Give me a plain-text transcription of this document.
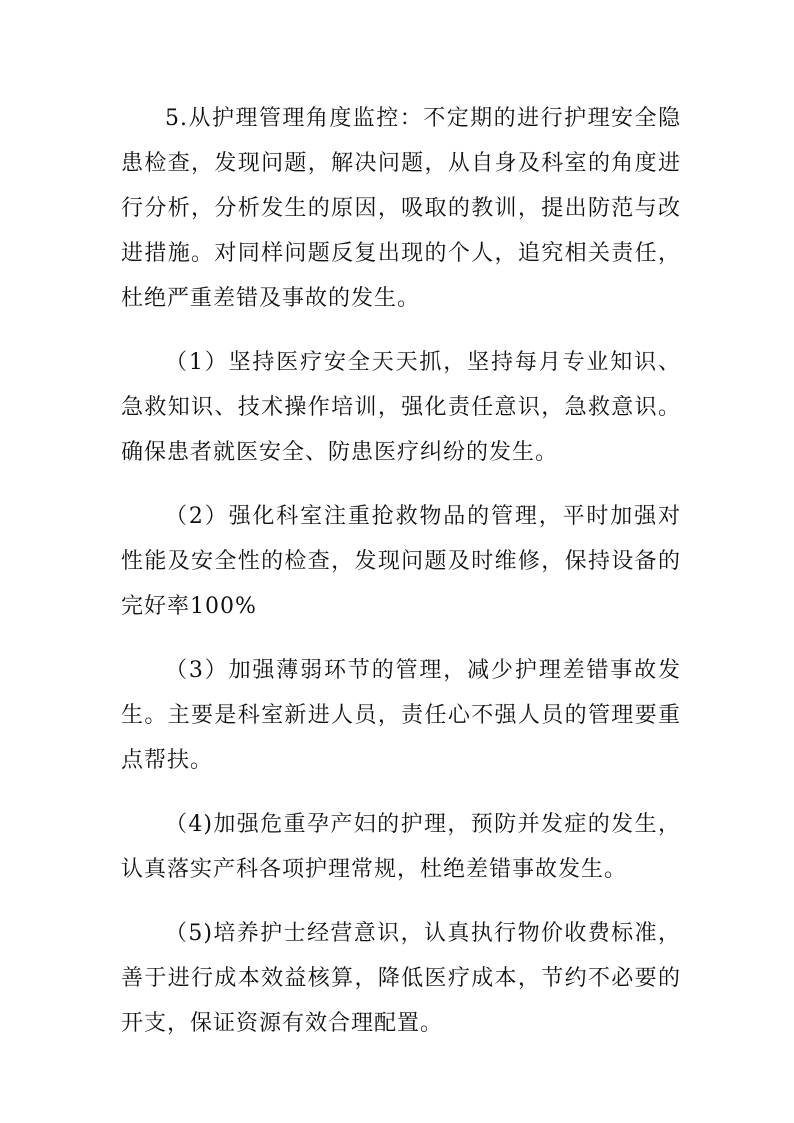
5.从护理管理角度监控：不定期的进行护理安全隐患检查，发现问题，解决问题，从自身及科室的角度进行分析，分析发生的原因，吸取的教训，提出防范与改进措施。对同样问题反复出现的个人，追究相关责任，杜绝严重差错及事故的发生。

（1）坚持医疗安全天天抓，坚持每月专业知识、急救知识、技术操作培训，强化责任意识，急救意识。确保患者就医安全、防患医疗纠纷的发生。

（2）强化科室注重抢救物品的管理，平时加强对性能及安全性的检查，发现问题及时维修，保持设备的完好率100%

（3）加强薄弱环节的管理，减少护理差错事故发生。主要是科室新进人员，责任心不强人员的管理要重点帮扶。

（4)加强危重孕产妇的护理，预防并发症的发生，认真落实产科各项护理常规，杜绝差错事故发生。

（5)培养护士经营意识，认真执行物价收费标准，善于进行成本效益核算，降低医疗成本，节约不必要的开支，保证资源有效合理配置。
